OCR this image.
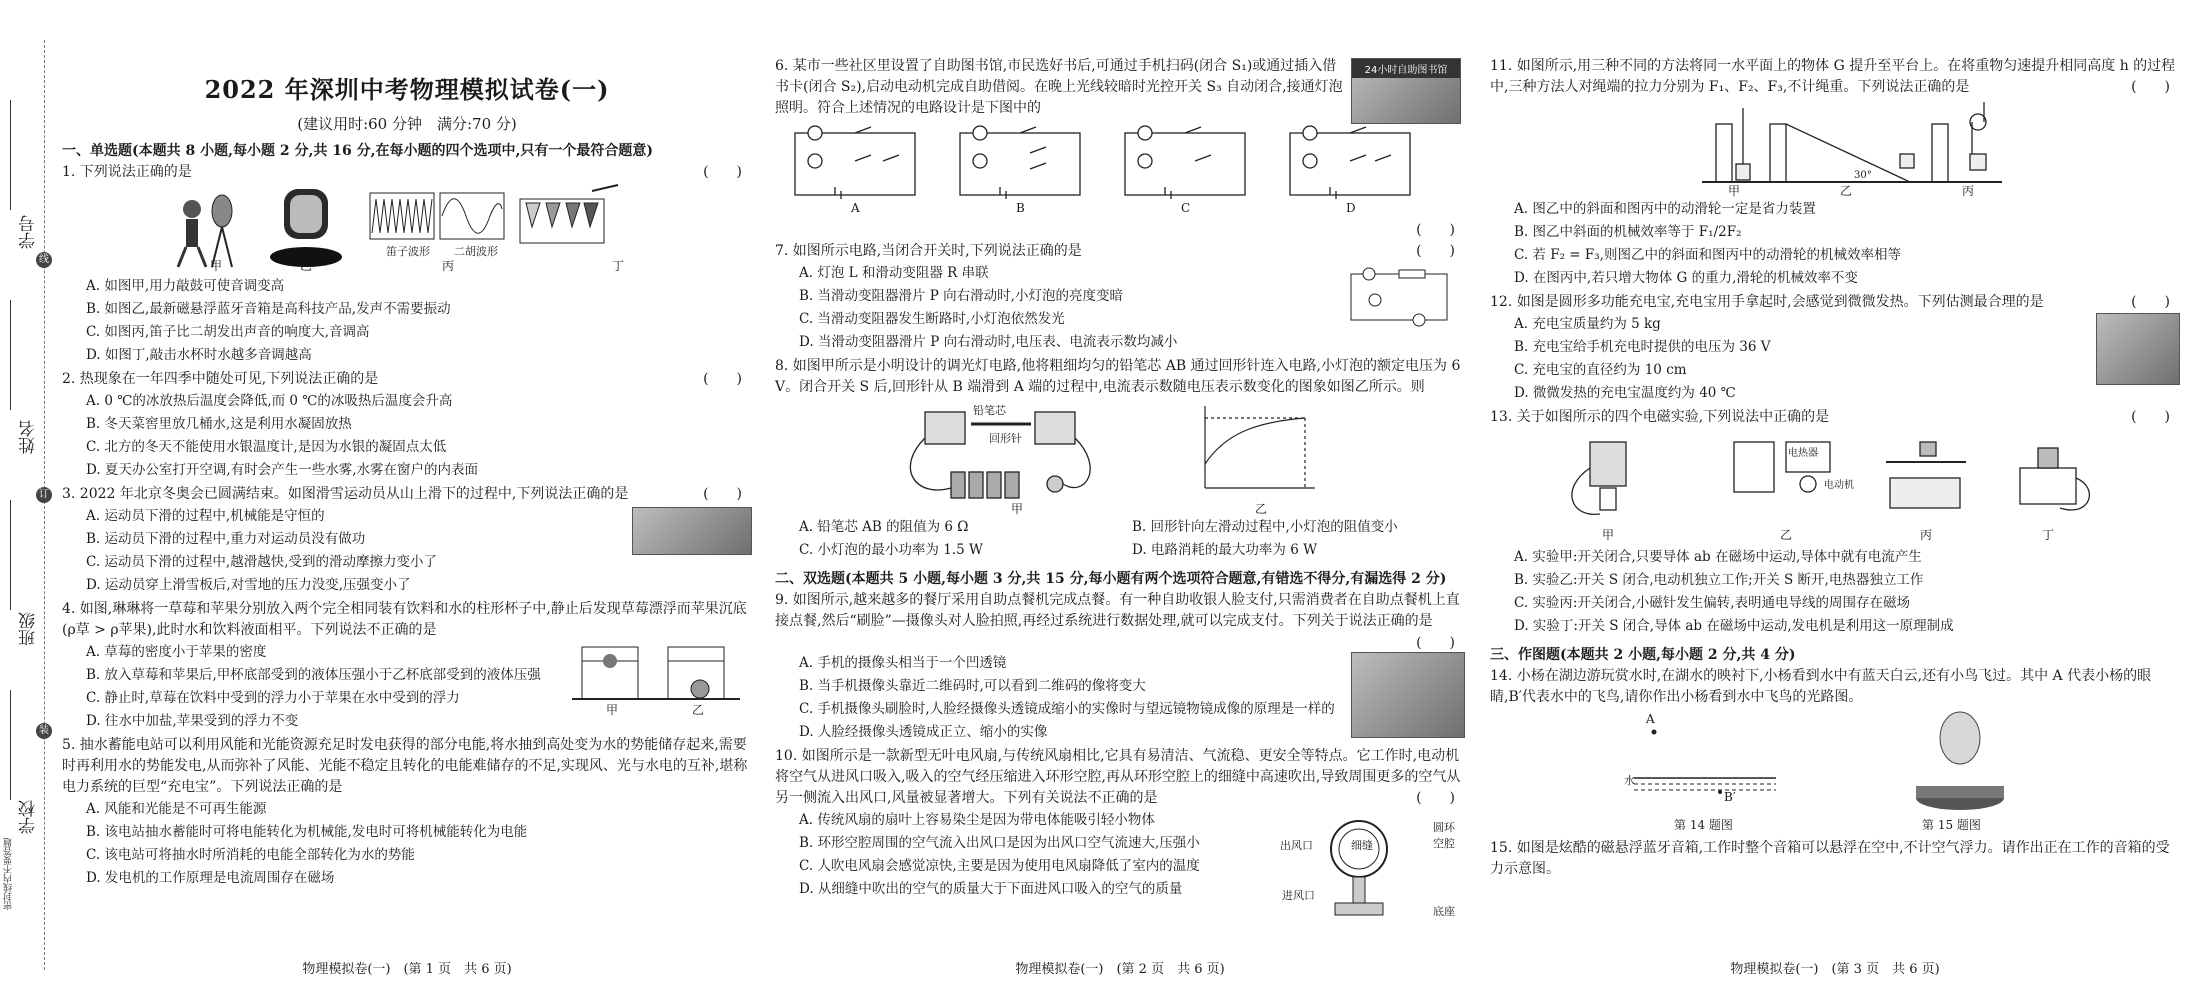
学号
线
姓名
订
班级
装
学校
密封线内不要答题
2022 年深圳中考物理模拟试卷(一)
(建议用时:60 分钟　满分:70 分)
一、单选题(本题共 8 小题,每小题 2 分,共 16 分,在每小题的四个选项中,只有一个最符合题意)
1. 下列说法正确的是	(　　)
笛子波形 二胡波形
甲	乙	丙	丁
A. 如图甲,用力敲鼓可使音调变高
B. 如图乙,最新磁悬浮蓝牙音箱是高科技产品,发声不需要振动
C. 如图丙,笛子比二胡发出声音的响度大,音调高
D. 如图丁,敲击水杯时水越多音调越高
2. 热现象在一年四季中随处可见,下列说法正确的是	(　　)
A. 0 ℃的冰放热后温度会降低,而 0 ℃的冰吸热后温度会升高
B. 冬天菜窖里放几桶水,这是利用水凝固放热
C. 北方的冬天不能使用水银温度计,是因为水银的凝固点太低
D. 夏天办公室打开空调,有时会产生一些水雾,水雾在窗户的内表面
3. 2022 年北京冬奥会已圆满结束。如图滑雪运动员从山上滑下的过程中,下列说法正确的是	(　　)
A. 运动员下滑的过程中,机械能是守恒的
B. 运动员下滑的过程中,重力对运动员没有做功
C. 运动员下滑的过程中,越滑越快,受到的滑动摩擦力变小了
D. 运动员穿上滑雪板后,对雪地的压力没变,压强变小了
4. 如图,琳琳将一草莓和苹果分别放入两个完全相同装有饮料和水的柱形杯子中,静止后发现草莓漂浮而苹果沉底(ρ草 > ρ苹果),此时水和饮料液面相平。下列说法不正确的是
甲	乙
A. 草莓的密度小于苹果的密度
B. 放入草莓和苹果后,甲杯底部受到的液体压强小于乙杯底部受到的液体压强
C. 静止时,草莓在饮料中受到的浮力小于苹果在水中受到的浮力
D. 往水中加盐,苹果受到的浮力不变
5. 抽水蓄能电站可以利用风能和光能资源充足时发电获得的部分电能,将水抽到高处变为水的势能储存起来,需要时再利用水的势能发电,从而弥补了风能、光能不稳定且转化的电能难储存的不足,实现风、光与水电的互补,堪称电力系统的巨型“充电宝”。下列说法正确的是
A. 风能和光能是不可再生能源
B. 该电站抽水蓄能时可将电能转化为机械能,发电时可将机械能转化为电能
C. 该电站可将抽水时所消耗的电能全部转化为水的势能
D. 发电机的工作原理是电流周围存在磁场
物理模拟卷(一)　(第 1 页　共 6 页)
6. 某市一些社区里设置了自助图书馆,市民选好书后,可通过手机扫码(闭合 S₁)或通过插入借书卡(闭合 S₂),启动电动机完成自助借阅。在晚上光线较暗时光控开关 S₃ 自动闭合,接通灯泡照明。符合上述情况的电路设计是下图中的
24小时自助图书馆
A	B	C	D
(　　)
7. 如图所示电路,当闭合开关时,下列说法正确的是	(　　)
A. 灯泡 L 和滑动变阻器 R 串联
B. 当滑动变阻器滑片 P 向右滑动时,小灯泡的亮度变暗
C. 当滑动变阻器发生断路时,小灯泡依然发光
D. 当滑动变阻器滑片 P 向右滑动时,电压表、电流表示数均减小
8. 如图甲所示是小明设计的调光灯电路,他将粗细均匀的铅笔芯 AB 通过回形针连入电路,小灯泡的额定电压为 6 V。闭合开关 S 后,回形针从 B 端滑到 A 端的过程中,电流表示数随电压表示数变化的图象如图乙所示。则
铅笔芯
回形针
甲	乙
A. 铅笔芯 AB 的阻值为 6 Ω	B. 回形针向左滑动过程中,小灯泡的阻值变小
C. 小灯泡的最小功率为 1.5 W	D. 电路消耗的最大功率为 6 W
二、双选题(本题共 5 小题,每小题 3 分,共 15 分,每小题有两个选项符合题意,有错选不得分,有漏选得 2 分)
9. 如图所示,越来越多的餐厅采用自助点餐机完成点餐。有一种自助收银人脸支付,只需消费者在自助点餐机上直接点餐,然后“刷脸”—摄像头对人脸拍照,再经过系统进行数据处理,就可以完成支付。下列关于说法正确的是
(　　)
A. 手机的摄像头相当于一个凹透镜
B. 当手机摄像头靠近二维码时,可以看到二维码的像将变大
C. 手机摄像头刷脸时,人脸经摄像头透镜成缩小的实像时与望远镜物镜成像的原理是一样的
D. 人脸经摄像头透镜成正立、缩小的实像
10. 如图所示是一款新型无叶电风扇,与传统风扇相比,它具有易清洁、气流稳、更安全等特点。它工作时,电动机将空气从进风口吸入,吸入的空气经压缩进入环形空腔,再从环形空腔上的细缝中高速吹出,导致周围更多的空气从另一侧流入出风口,风量被显著增大。下列有关说法不正确的是	(　　)
出风口	细缝
圆环空腔
进风口
底座
A. 传统风扇的扇叶上容易染尘是因为带电体能吸引轻小物体
B. 环形空腔周围的空气流入出风口是因为出风口空气流速大,压强小
C. 人吹电风扇会感觉凉快,主要是因为使用电风扇降低了室内的温度
D. 从细缝中吹出的空气的质量大于下面进风口吸入的空气的质量
物理模拟卷(一)　(第 2 页　共 6 页)
11. 如图所示,用三种不同的方法将同一水平面上的物体 G 提升至平台上。在将重物匀速提升相同高度 h 的过程中,三种方法人对绳端的拉力分别为 F₁、F₂、F₃,不计绳重。下列说法正确的是	(　　)
30°
甲	乙	丙
A. 图乙中的斜面和图丙中的动滑轮一定是省力装置
B. 图乙中斜面的机械效率等于 F₁/2F₂
C. 若 F₂ = F₃,则图乙中的斜面和图丙中的动滑轮的机械效率相等
D. 在图丙中,若只增大物体 G 的重力,滑轮的机械效率不变
12. 如图是圆形多功能充电宝,充电宝用手拿起时,会感觉到微微发热。下列估测最合理的是	(　　)
A. 充电宝质量约为 5 kg
B. 充电宝给手机充电时提供的电压为 36 V
C. 充电宝的直径约为 10 cm
D. 微微发热的充电宝温度约为 40 ℃
13. 关于如图所示的四个电磁实验,下列说法中正确的是	(　　)
电热器
电动机
甲	乙	丙	丁
A. 实验甲:开关闭合,只要导体 ab 在磁场中运动,导体中就有电流产生
B. 实验乙:开关 S 闭合,电动机独立工作;开关 S 断开,电热器独立工作
C. 实验丙:开关闭合,小磁针发生偏转,表明通电导线的周围存在磁场
D. 实验丁:开关 S 闭合,导体 ab 在磁场中运动,发电机是利用这一原理制成
三、作图题(本题共 2 小题,每小题 2 分,共 4 分)
14. 小杨在湖边游玩赏水时,在湖水的映衬下,小杨看到水中有蓝天白云,还有小鸟飞过。其中 A 代表小杨的眼睛,B′代表水中的飞鸟,请你作出小杨看到水中飞鸟的光路图。
A
水
B′
第 14 题图	第 15 题图
15. 如图是炫酷的磁悬浮蓝牙音箱,工作时整个音箱可以悬浮在空中,不计空气浮力。请作出正在工作的音箱的受力示意图。
物理模拟卷(一)　(第 3 页　共 6 页)
